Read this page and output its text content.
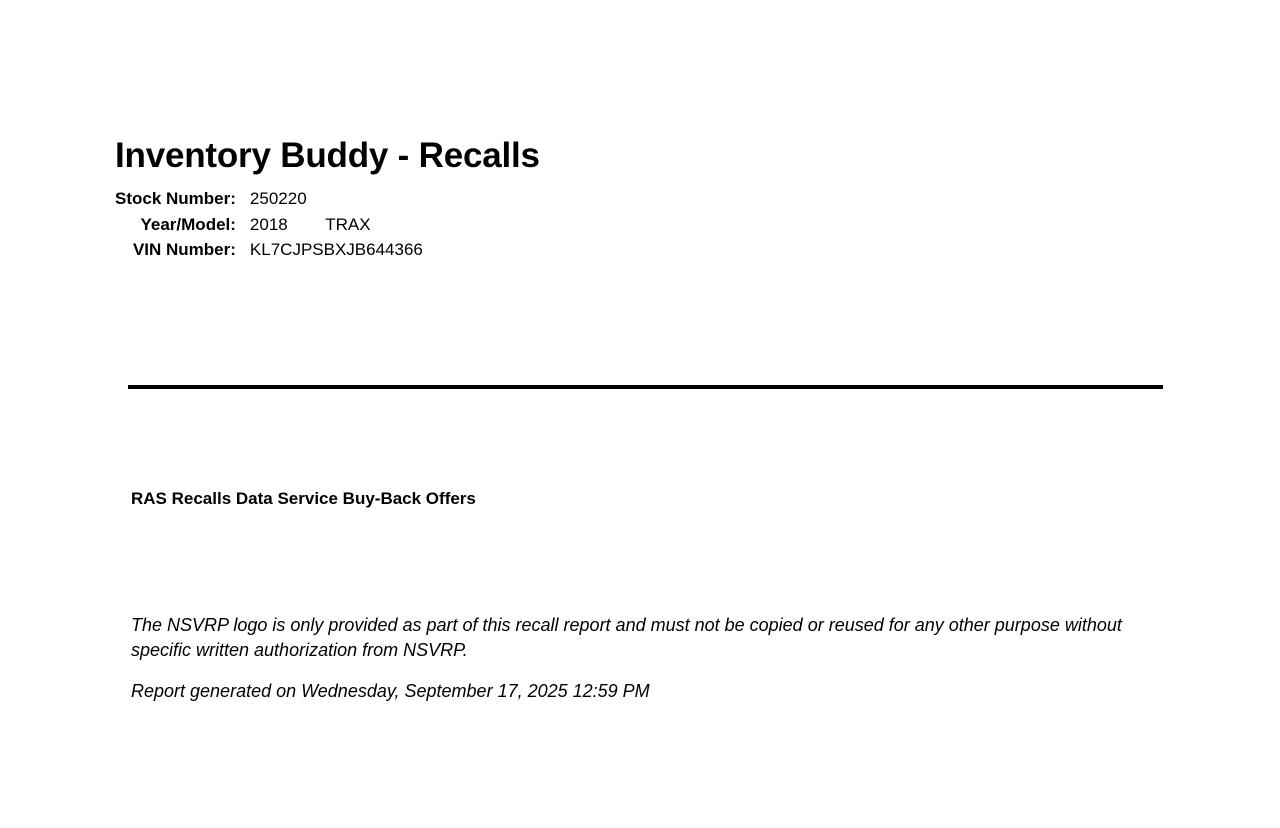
Inventory Buddy - Recalls
Stock Number:	250220
Year/Model:	2018        TRAX
VIN Number:	KL7CJPSBXJB644366
RAS Recalls Data Service Buy-Back Offers
The NSVRP logo is only provided as part of this recall report and must not be copied or reused for any other purpose without specific written authorization from NSVRP.
Report generated on Wednesday, September 17, 2025 12:59 PM
